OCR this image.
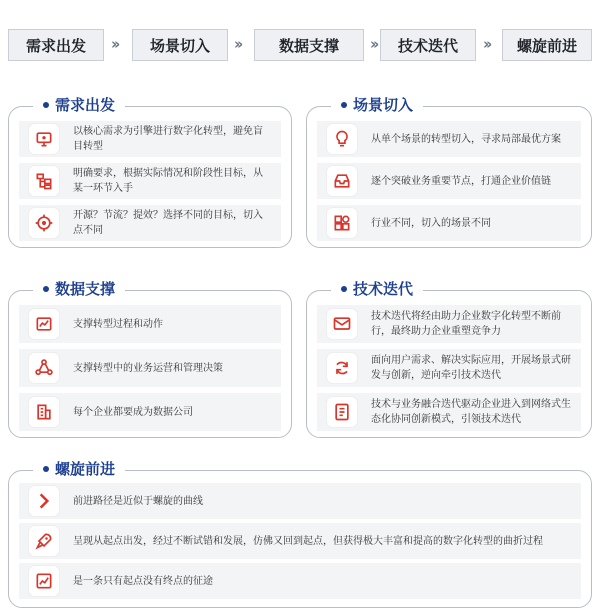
需求出发	››	场景切入	››	数据支撑	››	技术迭代	››	螺旋前进
需求出发
以核心需求为引擎进行数字化转型，避免盲目转型
明确要求，根据实际情况和阶段性目标，从某一环节入手
开源？节流？提效？选择不同的目标，切入点不同
场景切入
从单个场景的转型切入，寻求局部最优方案
逐个突破业务重要节点，打通企业价值链
行业不同，切入的场景不同
数据支撑
支撑转型过程和动作
支撑转型中的业务运营和管理决策
每个企业都要成为数据公司
技术迭代
技术迭代将经由助力企业数字化转型不断前行，最终助力企业重塑竞争力
面向用户需求、解决实际应用，开展场景式研发与创新，逆向牵引技术迭代
技术与业务融合迭代驱动企业进入到网络式生态化协同创新模式，引领技术迭代
螺旋前进
前进路径是近似于螺旋的曲线
呈现从起点出发，经过不断试错和发展，仿佛又回到起点，但获得极大丰富和提高的数字化转型的曲折过程
是一条只有起点没有终点的征途
